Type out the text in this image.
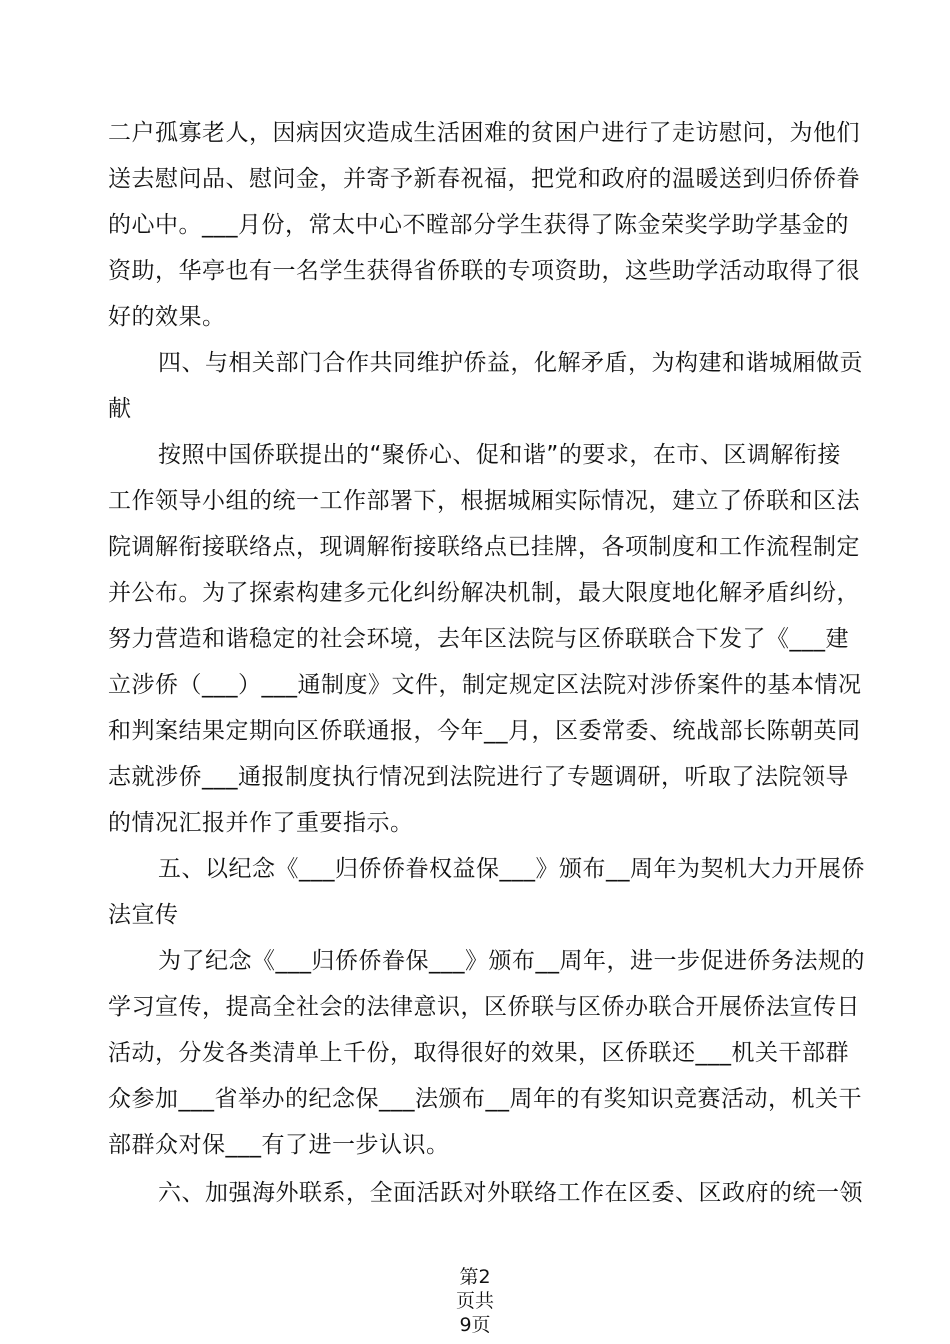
二户孤寡老人，因病因灾造成生活困难的贫困户进行了走访慰问，为他们
送去慰问品、慰问金，并寄予新春祝福，把党和政府的温暖送到归侨侨眷
的心中。___月份，常太中心不瞠部分学生获得了陈金荣奖学助学基金的
资助，华亭也有一名学生获得省侨联的专项资助，这些助学活动取得了很
好的效果。
四、与相关部门合作共同维护侨益，化解矛盾，为构建和谐城厢做贡
献
按照中国侨联提出的“聚侨心、促和谐”的要求，在市、区调解衔接
工作领导小组的统一工作部署下，根据城厢实际情况，建立了侨联和区法
院调解衔接联络点，现调解衔接联络点已挂牌，各项制度和工作流程制定
并公布。为了探索构建多元化纠纷解决机制，最大限度地化解矛盾纠纷，
努力营造和谐稳定的社会环境，去年区法院与区侨联联合下发了《___建
立涉侨（___）___通制度》文件，制定规定区法院对涉侨案件的基本情况
和判案结果定期向区侨联通报，今年__月，区委常委、统战部长陈朝英同
志就涉侨___通报制度执行情况到法院进行了专题调研，听取了法院领导
的情况汇报并作了重要指示。
五、以纪念《___归侨侨眷权益保___》颁布__周年为契机大力开展侨
法宣传
为了纪念《___归侨侨眷保___》颁布__周年，进一步促进侨务法规的
学习宣传，提高全社会的法律意识，区侨联与区侨办联合开展侨法宣传日
活动，分发各类清单上千份，取得很好的效果，区侨联还___机关干部群
众参加___省举办的纪念保___法颁布__周年的有奖知识竞赛活动，机关干
部群众对保___有了进一步认识。
六、加强海外联系，全面活跃对外联络工作在区委、区政府的统一领
第2
页共
9页
